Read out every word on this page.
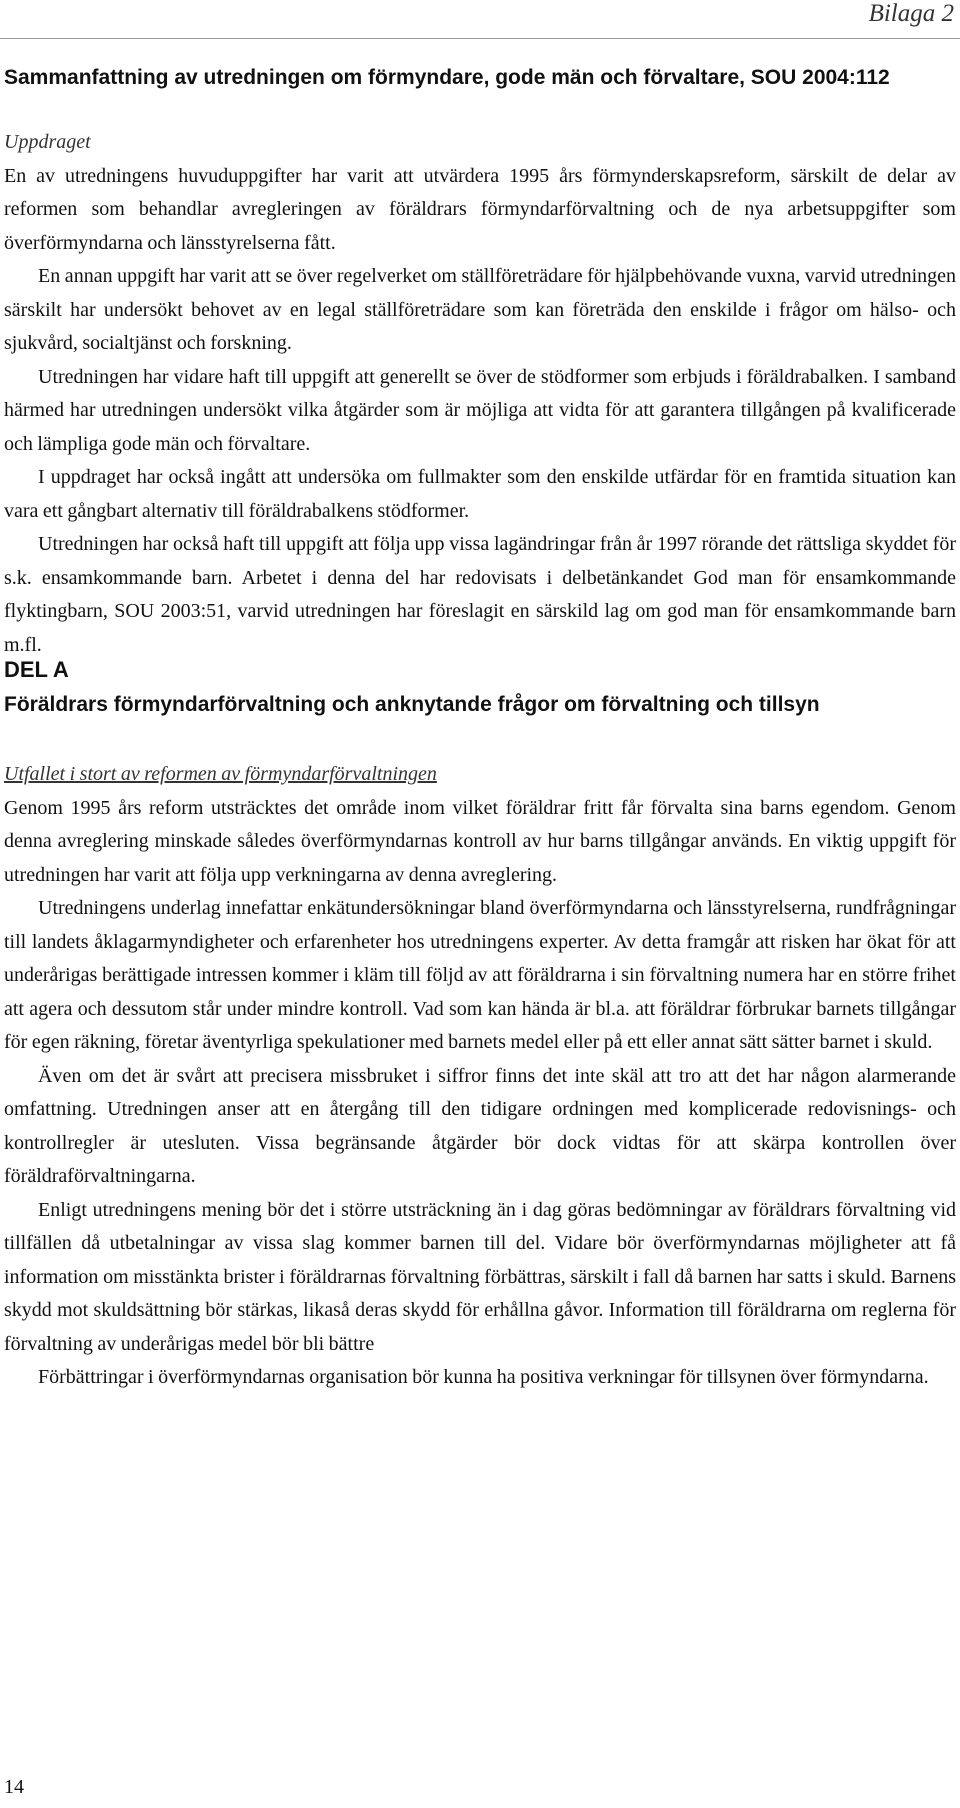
Bilaga 2
Sammanfattning av utredningen om förmyndare, gode män och förvaltare, SOU 2004:112

Uppdraget

En av utredningens huvuduppgifter har varit att utvärdera 1995 års förmynderskapsreform, särskilt de delar av reformen som behandlar avregleringen av föräldrars förmyndarförvaltning och de nya arbetsuppgifter som överförmyndarna och länsstyrelserna fått.

En annan uppgift har varit att se över regelverket om ställföreträdare för hjälpbehövande vuxna, varvid utredningen särskilt har undersökt behovet av en legal ställföreträdare som kan företräda den enskilde i frågor om hälso- och sjukvård, socialtjänst och forskning.

Utredningen har vidare haft till uppgift att generellt se över de stödformer som erbjuds i föräldrabalken. I samband härmed har utredningen undersökt vilka åtgärder som är möjliga att vidta för att garantera tillgången på kvalificerade och lämpliga gode män och förvaltare.

I uppdraget har också ingått att undersöka om fullmakter som den enskilde utfärdar för en framtida situation kan vara ett gångbart alternativ till föräldrabalkens stödformer.

Utredningen har också haft till uppgift att följa upp vissa lagändringar från år 1997 rörande det rättsliga skyddet för s.k. ensamkommande barn. Arbetet i denna del har redovisats i delbetänkandet God man för ensamkommande flyktingbarn, SOU 2003:51, varvid utredningen har föreslagit en särskild lag om god man för ensamkommande barn m.fl.

DEL A
Föräldrars förmyndarförvaltning och anknytande frågor om förvaltning och tillsyn

Utfallet i stort av reformen av förmyndarförvaltningen

Genom 1995 års reform utsträcktes det område inom vilket föräldrar fritt får förvalta sina barns egendom. Genom denna avreglering minskade således överförmyndarnas kontroll av hur barns tillgångar används. En viktig uppgift för utredningen har varit att följa upp verkningarna av denna avreglering.

Utredningens underlag innefattar enkätundersökningar bland överförmyndarna och länsstyrelserna, rundfrågningar till landets åklagarmyndigheter och erfarenheter hos utredningens experter. Av detta framgår att risken har ökat för att underårigas berättigade intressen kommer i kläm till följd av att föräldrarna i sin förvaltning numera har en större frihet att agera och dessutom står under mindre kontroll. Vad som kan hända är bl.a. att föräldrar förbrukar barnets tillgångar för egen räkning, företar äventyrliga spekulationer med barnets medel eller på ett eller annat sätt sätter barnet i skuld.

Även om det är svårt att precisera missbruket i siffror finns det inte skäl att tro att det har någon alarmerande omfattning. Utredningen anser att en återgång till den tidigare ordningen med komplicerade redovisnings- och kontrollregler är utesluten. Vissa begränsande åtgärder bör dock vidtas för att skärpa kontrollen över föräldraförvaltningarna.

Enligt utredningens mening bör det i större utsträckning än i dag göras bedömningar av föräldrars förvaltning vid tillfällen då utbetalningar av vissa slag kommer barnen till del. Vidare bör överförmyndarnas möjligheter att få information om misstänkta brister i föräldrarnas förvaltning förbättras, särskilt i fall då barnen har satts i skuld. Barnens skydd mot skuldsättning bör stärkas, likaså deras skydd för erhållna gåvor. Information till föräldrarna om reglerna för förvaltning av underårigas medel bör bli bättre

Förbättringar i överförmyndarnas organisation bör kunna ha positiva verkningar för tillsynen över förmyndarna.

14
